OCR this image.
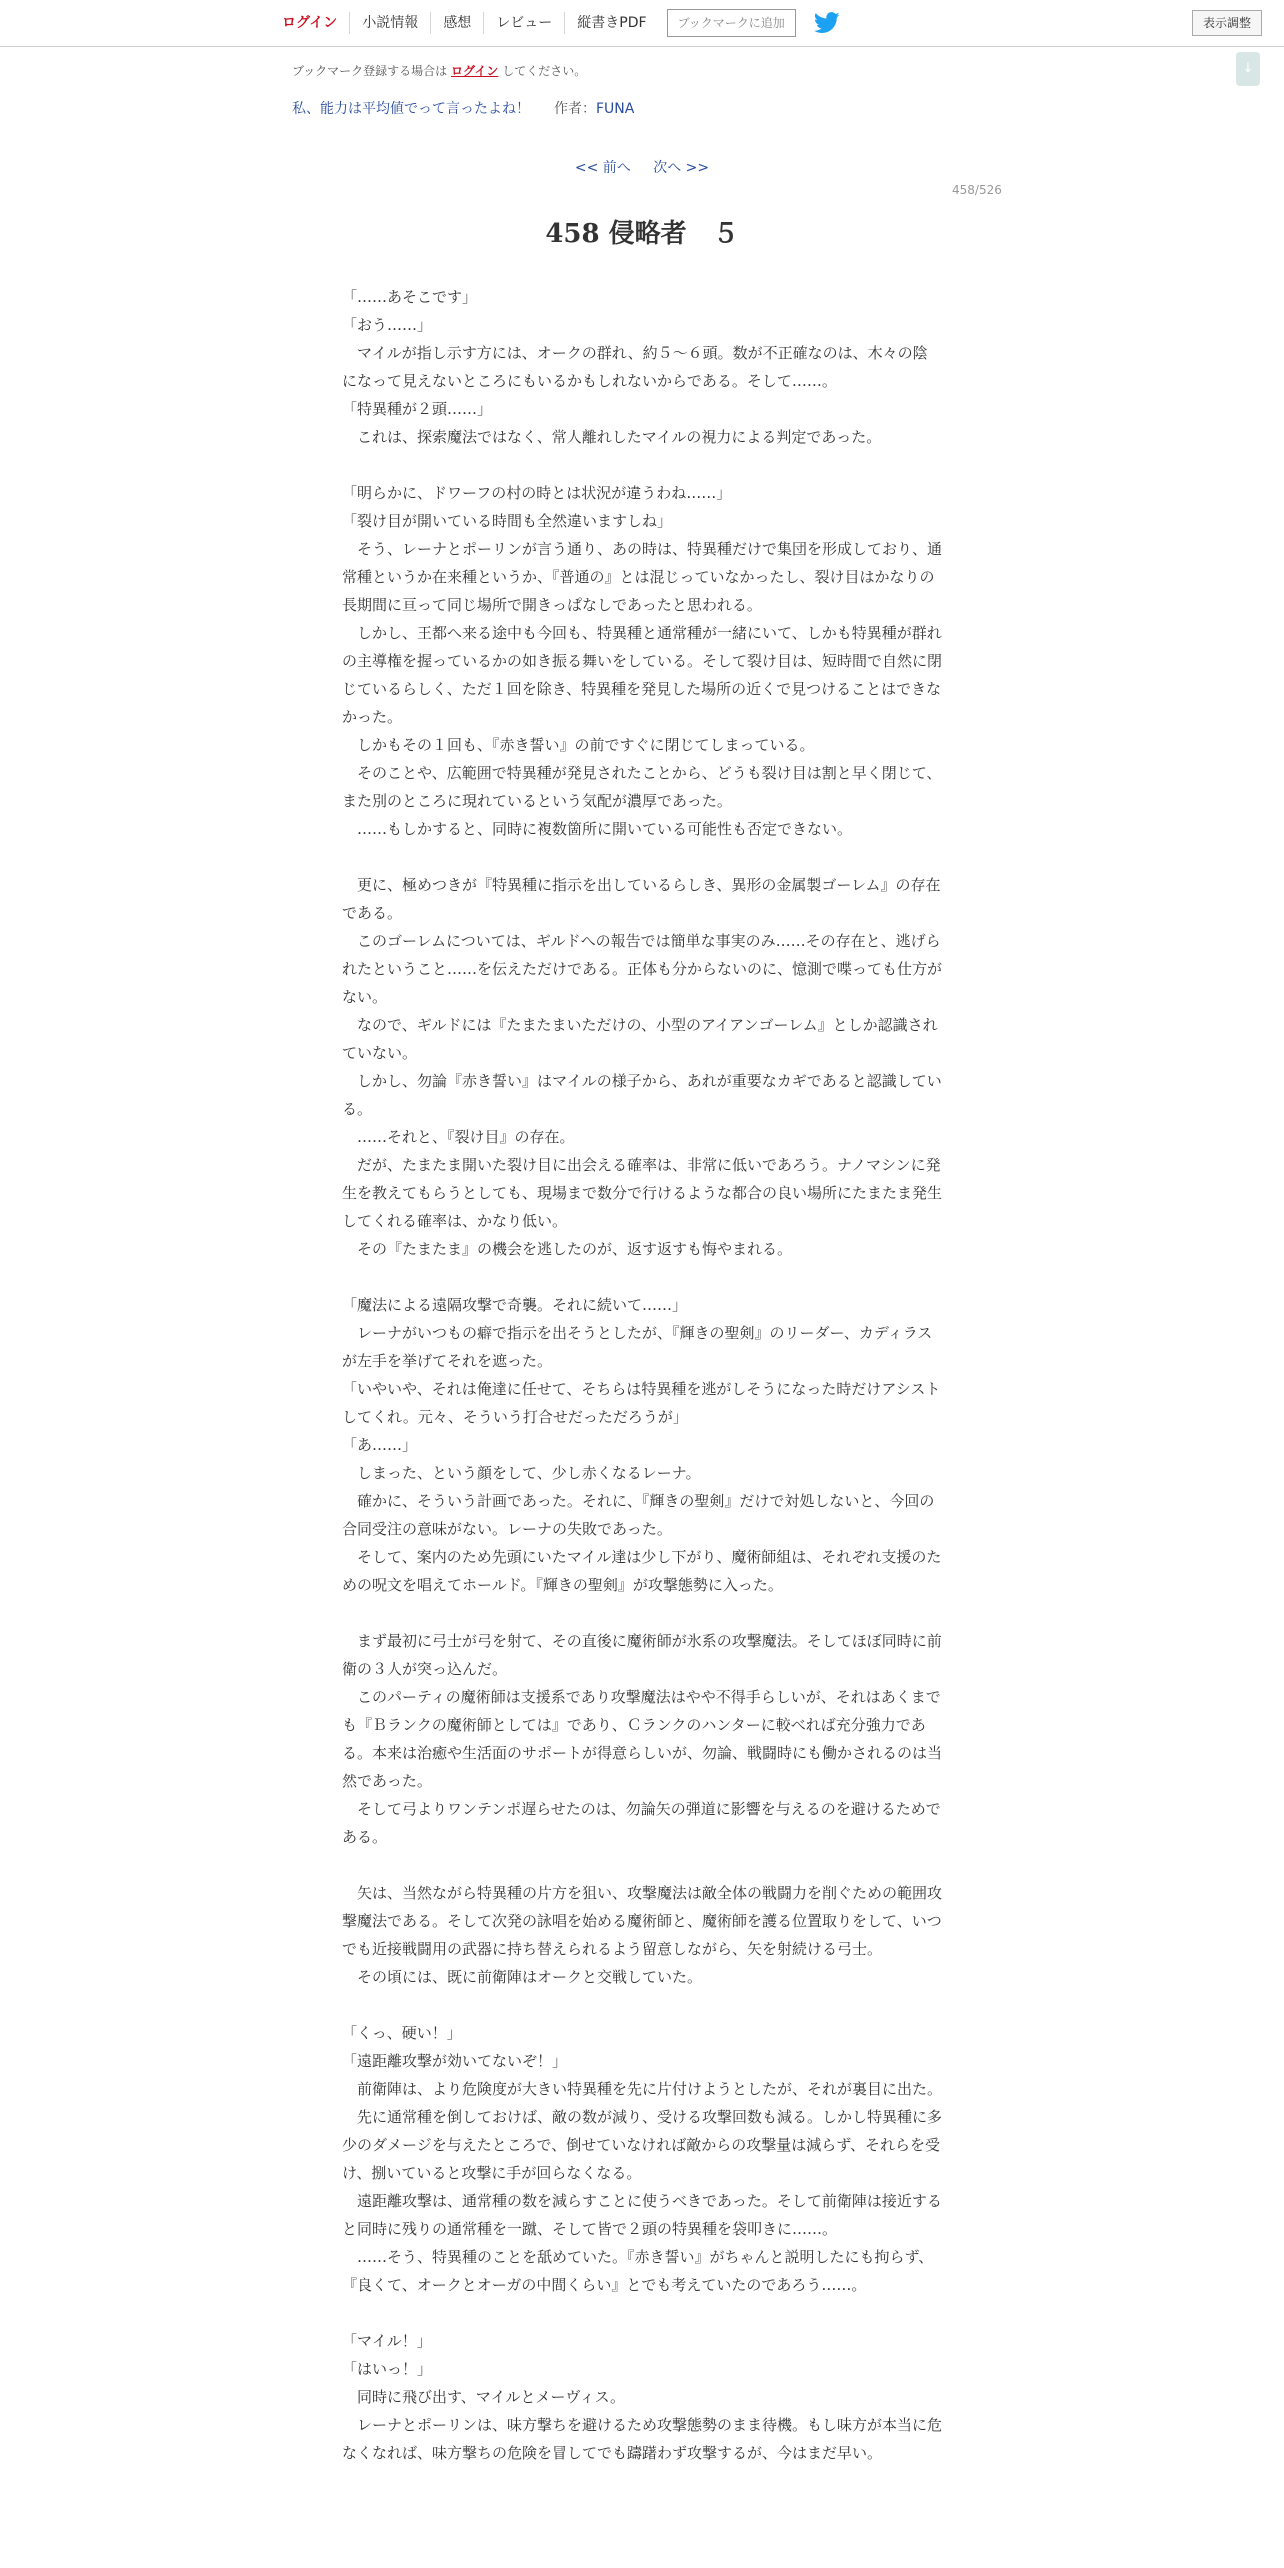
ログイン	小説情報	感想	レビュー	縦書きPDF	ブックマークに追加	表示調整
↓
ブックマーク登録する場合は ログイン してください。
私、能力は平均値でって言ったよね！ 作者：FUNA
<< 前へ 次へ >>
458/526
458 侵略者　５

「……あそこです」

「おう……」

　マイルが指し示す方には、オークの群れ、約５～６頭。数が不正確なのは、木々の陰になって見えないところにもいるかもしれないからである。そして……。

「特異種が２頭……」

　これは、探索魔法ではなく、常人離れしたマイルの視力による判定であった。

「明らかに、ドワーフの村の時とは状況が違うわね……」

「裂け目が開いている時間も全然違いますしね」

　そう、レーナとポーリンが言う通り、あの時は、特異種だけで集団を形成しており、通常種というか在来種というか、『普通の』とは混じっていなかったし、裂け目はかなりの長期間に亘って同じ場所で開きっぱなしであったと思われる。

　しかし、王都へ来る途中も今回も、特異種と通常種が一緒にいて、しかも特異種が群れの主導権を握っているかの如き振る舞いをしている。そして裂け目は、短時間で自然に閉じているらしく、ただ１回を除き、特異種を発見した場所の近くで見つけることはできなかった。

　しかもその１回も、『赤き誓い』の前ですぐに閉じてしまっている。

　そのことや、広範囲で特異種が発見されたことから、どうも裂け目は割と早く閉じて、また別のところに現れているという気配が濃厚であった。

　……もしかすると、同時に複数箇所に開いている可能性も否定できない。

　更に、極めつきが『特異種に指示を出しているらしき、異形の金属製ゴーレム』の存在である。

　このゴーレムについては、ギルドへの報告では簡単な事実のみ……その存在と、逃げられたということ……を伝えただけである。正体も分からないのに、憶測で喋っても仕方がない。

　なので、ギルドには『たまたまいただけの、小型のアイアンゴーレム』としか認識されていない。

　しかし、勿論『赤き誓い』はマイルの様子から、あれが重要なカギであると認識している。

　……それと、『裂け目』の存在。

　だが、たまたま開いた裂け目に出会える確率は、非常に低いであろう。ナノマシンに発生を教えてもらうとしても、現場まで数分で行けるような都合の良い場所にたまたま発生してくれる確率は、かなり低い。

　その『たまたま』の機会を逃したのが、返す返すも悔やまれる。

「魔法による遠隔攻撃で奇襲。それに続いて……」

　レーナがいつもの癖で指示を出そうとしたが、『輝きの聖剣』のリーダー、カディラスが左手を挙げてそれを遮った。

「いやいや、それは俺達に任せて、そちらは特異種を逃がしそうになった時だけアシストしてくれ。元々、そういう打合せだっただろうが」

「あ……」

　しまった、という顔をして、少し赤くなるレーナ。

　確かに、そういう計画であった。それに、『輝きの聖剣』だけで対処しないと、今回の合同受注の意味がない。レーナの失敗であった。

　そして、案内のため先頭にいたマイル達は少し下がり、魔術師組は、それぞれ支援のための呪文を唱えてホールド。『輝きの聖剣』が攻撃態勢に入った。

　まず最初に弓士が弓を射て、その直後に魔術師が氷系の攻撃魔法。そしてほぼ同時に前衛の３人が突っ込んだ。

　このパーティの魔術師は支援系であり攻撃魔法はやや不得手らしいが、それはあくまでも『Ｂランクの魔術師としては』であり、Ｃランクのハンターに較べれば充分強力である。本来は治癒や生活面のサポートが得意らしいが、勿論、戦闘時にも働かされるのは当然であった。

　そして弓よりワンテンポ遅らせたのは、勿論矢の弾道に影響を与えるのを避けるためである。

　矢は、当然ながら特異種の片方を狙い、攻撃魔法は敵全体の戦闘力を削ぐための範囲攻撃魔法である。そして次発の詠唱を始める魔術師と、魔術師を護る位置取りをして、いつでも近接戦闘用の武器に持ち替えられるよう留意しながら、矢を射続ける弓士。

　その頃には、既に前衛陣はオークと交戦していた。

「くっ、硬い！」

「遠距離攻撃が効いてないぞ！」

　前衛陣は、より危険度が大きい特異種を先に片付けようとしたが、それが裏目に出た。

　先に通常種を倒しておけば、敵の数が減り、受ける攻撃回数も減る。しかし特異種に多少のダメージを与えたところで、倒せていなければ敵からの攻撃量は減らず、それらを受け、捌いていると攻撃に手が回らなくなる。

　遠距離攻撃は、通常種の数を減らすことに使うべきであった。そして前衛陣は接近すると同時に残りの通常種を一蹴、そして皆で２頭の特異種を袋叩きに……。

　……そう、特異種のことを舐めていた。『赤き誓い』がちゃんと説明したにも拘らず、『良くて、オークとオーガの中間くらい』とでも考えていたのであろう……。

「マイル！」

「はいっ！」

　同時に飛び出す、マイルとメーヴィス。

　レーナとポーリンは、味方撃ちを避けるため攻撃態勢のまま待機。もし味方が本当に危なくなれば、味方撃ちの危険を冒してでも躊躇わず攻撃するが、今はまだ早い。
